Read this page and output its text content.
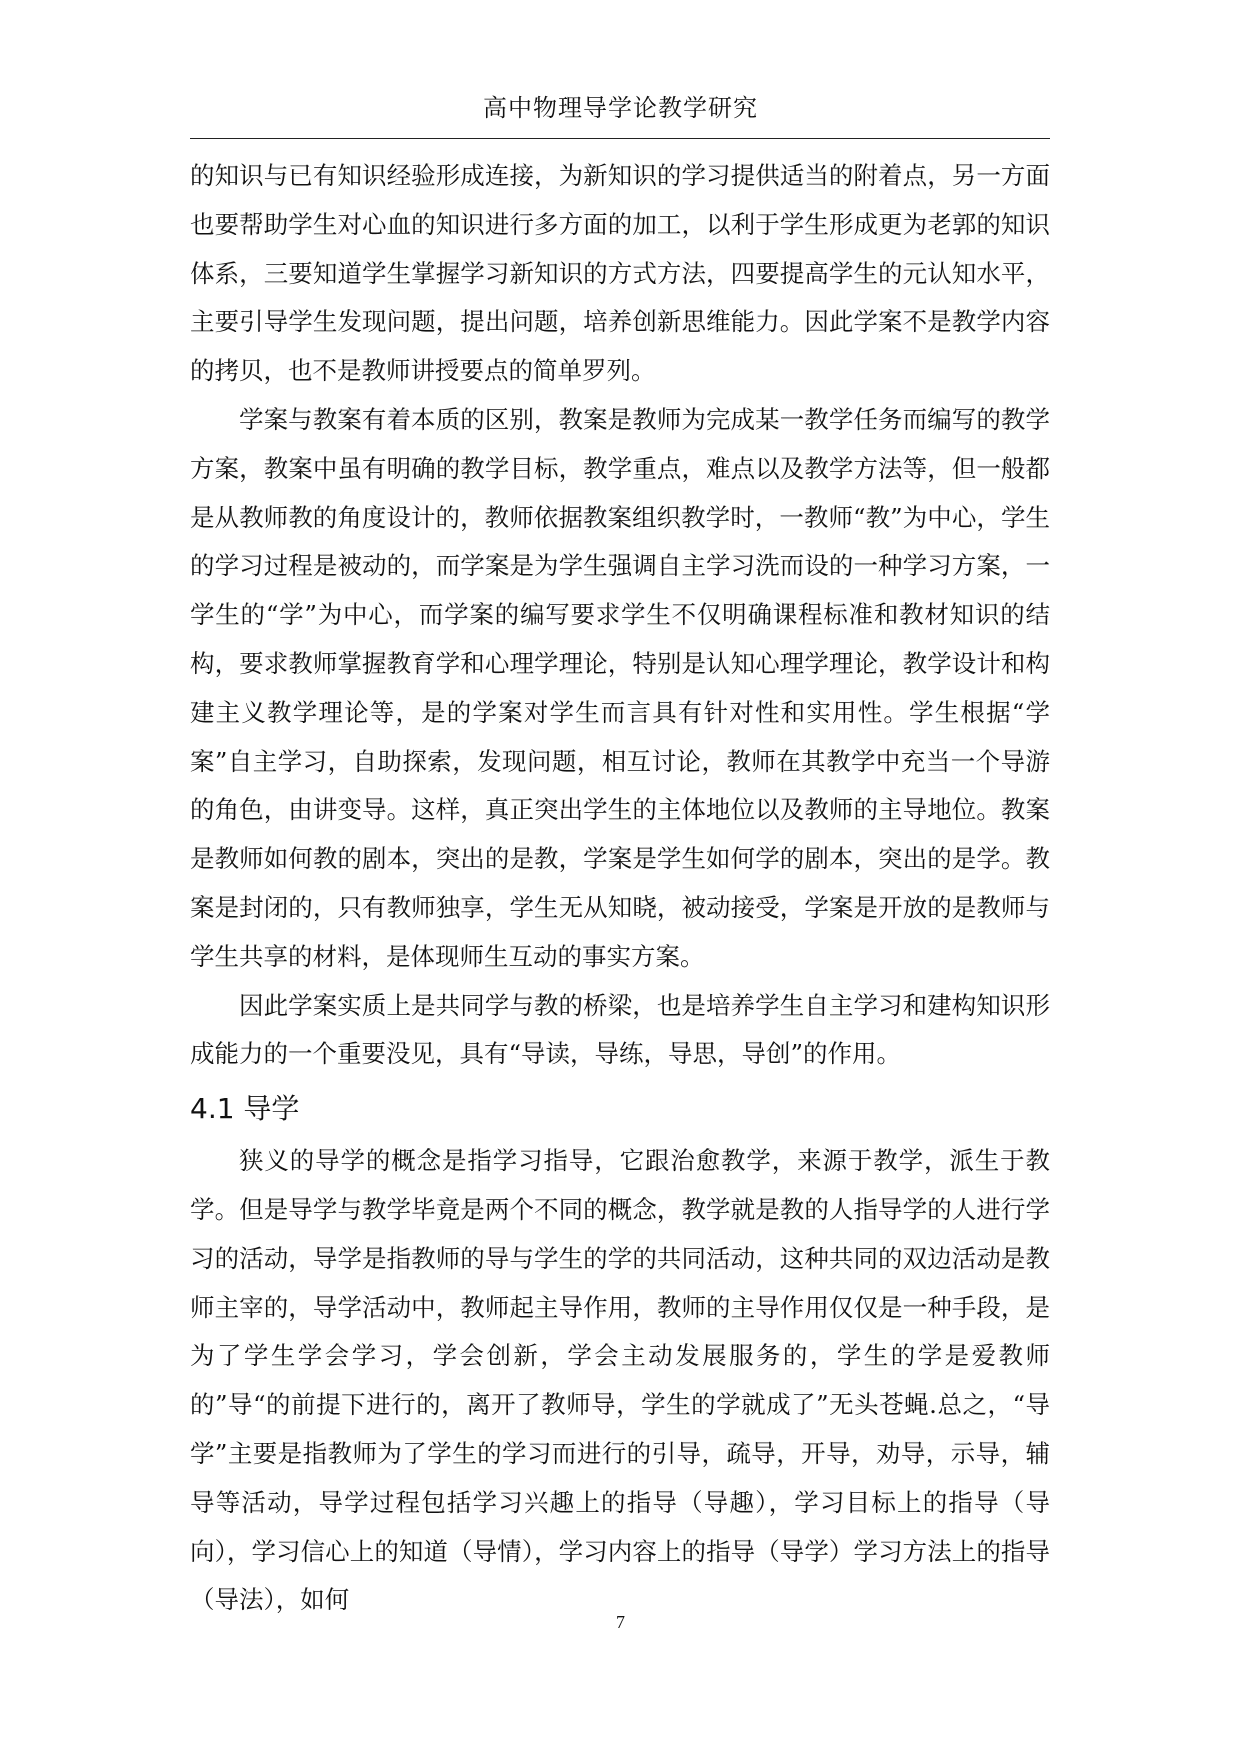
高中物理导学论教学研究

的知识与已有知识经验形成连接，为新知识的学习提供适当的附着点，另一方面也要帮助学生对心血的知识进行多方面的加工，以利于学生形成更为老郭的知识体系，三要知道学生掌握学习新知识的方式方法，四要提高学生的元认知水平，主要引导学生发现问题，提出问题，培养创新思维能力。因此学案不是教学内容的拷贝，也不是教师讲授要点的简单罗列。

学案与教案有着本质的区别，教案是教师为完成某一教学任务而编写的教学方案，教案中虽有明确的教学目标，教学重点，难点以及教学方法等，但一般都是从教师教的角度设计的，教师依据教案组织教学时，一教师“教”为中心，学生的学习过程是被动的，而学案是为学生强调自主学习洗而设的一种学习方案，一学生的“学”为中心，而学案的编写要求学生不仅明确课程标准和教材知识的结构，要求教师掌握教育学和心理学理论，特别是认知心理学理论，教学设计和构建主义教学理论等，是的学案对学生而言具有针对性和实用性。学生根据“学案”自主学习，自助探索，发现问题，相互讨论，教师在其教学中充当一个导游的角色，由讲变导。这样，真正突出学生的主体地位以及教师的主导地位。教案是教师如何教的剧本，突出的是教，学案是学生如何学的剧本，突出的是学。教案是封闭的，只有教师独享，学生无从知晓，被动接受，学案是开放的是教师与学生共享的材料，是体现师生互动的事实方案。

因此学案实质上是共同学与教的桥梁，也是培养学生自主学习和建构知识形成能力的一个重要没见，具有“导读，导练，导思，导创”的作用。

4.1 导学

狭义的导学的概念是指学习指导，它跟治愈教学，来源于教学，派生于教学。但是导学与教学毕竟是两个不同的概念，教学就是教的人指导学的人进行学习的活动，导学是指教师的导与学生的学的共同活动，这种共同的双边活动是教师主宰的，导学活动中，教师起主导作用，教师的主导作用仅仅是一种手段，是为了学生学会学习，学会创新，学会主动发展服务的，学生的学是爱教师的”导“的前提下进行的，离开了教师导，学生的学就成了”无头苍蝇.总之，“导学”主要是指教师为了学生的学习而进行的引导，疏导，开导，劝导，示导，辅导等活动，导学过程包括学习兴趣上的指导（导趣），学习目标上的指导（导向），学习信心上的知道（导情），学习内容上的指导（导学）学习方法上的指导（导法），如何

7
